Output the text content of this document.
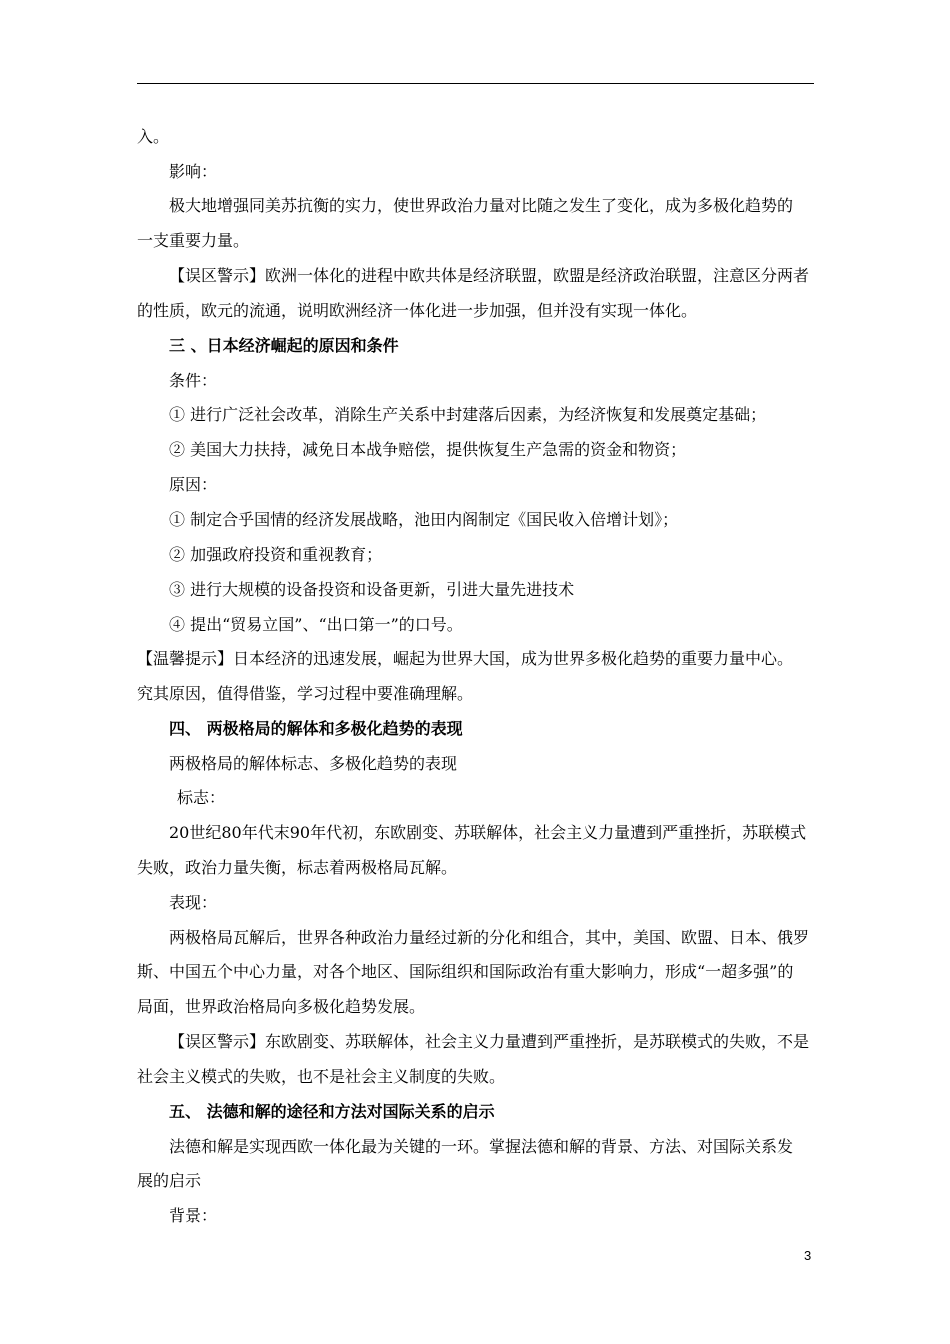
入。
影响：
极大地增强同美苏抗衡的实力，使世界政治力量对比随之发生了变化，成为多极化趋势的
一支重要力量。
【误区警示】欧洲一体化的进程中欧共体是经济联盟，欧盟是经济政治联盟，注意区分两者
的性质，欧元的流通，说明欧洲经济一体化进一步加强，但并没有实现一体化。
三 、日本经济崛起的原因和条件
条件：
① 进行广泛社会改革，消除生产关系中封建落后因素，为经济恢复和发展奠定基础；
② 美国大力扶持，减免日本战争赔偿，提供恢复生产急需的资金和物资；
原因：
① 制定合乎国情的经济发展战略，池田内阁制定《国民收入倍增计划》；
② 加强政府投资和重视教育；
③ 进行大规模的设备投资和设备更新，引进大量先进技术
④ 提出“贸易立国”、“出口第一”的口号。
【温馨提示】日本经济的迅速发展，崛起为世界大国，成为世界多极化趋势的重要力量中心。
究其原因，值得借鉴，学习过程中要准确理解。
四、 两极格局的解体和多极化趋势的表现
两极格局的解体标志、多极化趋势的表现
标志：
20世纪80年代末90年代初，东欧剧变、苏联解体，社会主义力量遭到严重挫折，苏联模式
失败，政治力量失衡，标志着两极格局瓦解。
表现：
两极格局瓦解后，世界各种政治力量经过新的分化和组合，其中，美国、欧盟、日本、俄罗
斯、中国五个中心力量，对各个地区、国际组织和国际政治有重大影响力，形成“一超多强”的
局面，世界政治格局向多极化趋势发展。
【误区警示】东欧剧变、苏联解体，社会主义力量遭到严重挫折，是苏联模式的失败，不是
社会主义模式的失败，也不是社会主义制度的失败。
五、 法德和解的途径和方法对国际关系的启示
法德和解是实现西欧一体化最为关键的一环。掌握法德和解的背景、方法、对国际关系发
展的启示
背景：
3
